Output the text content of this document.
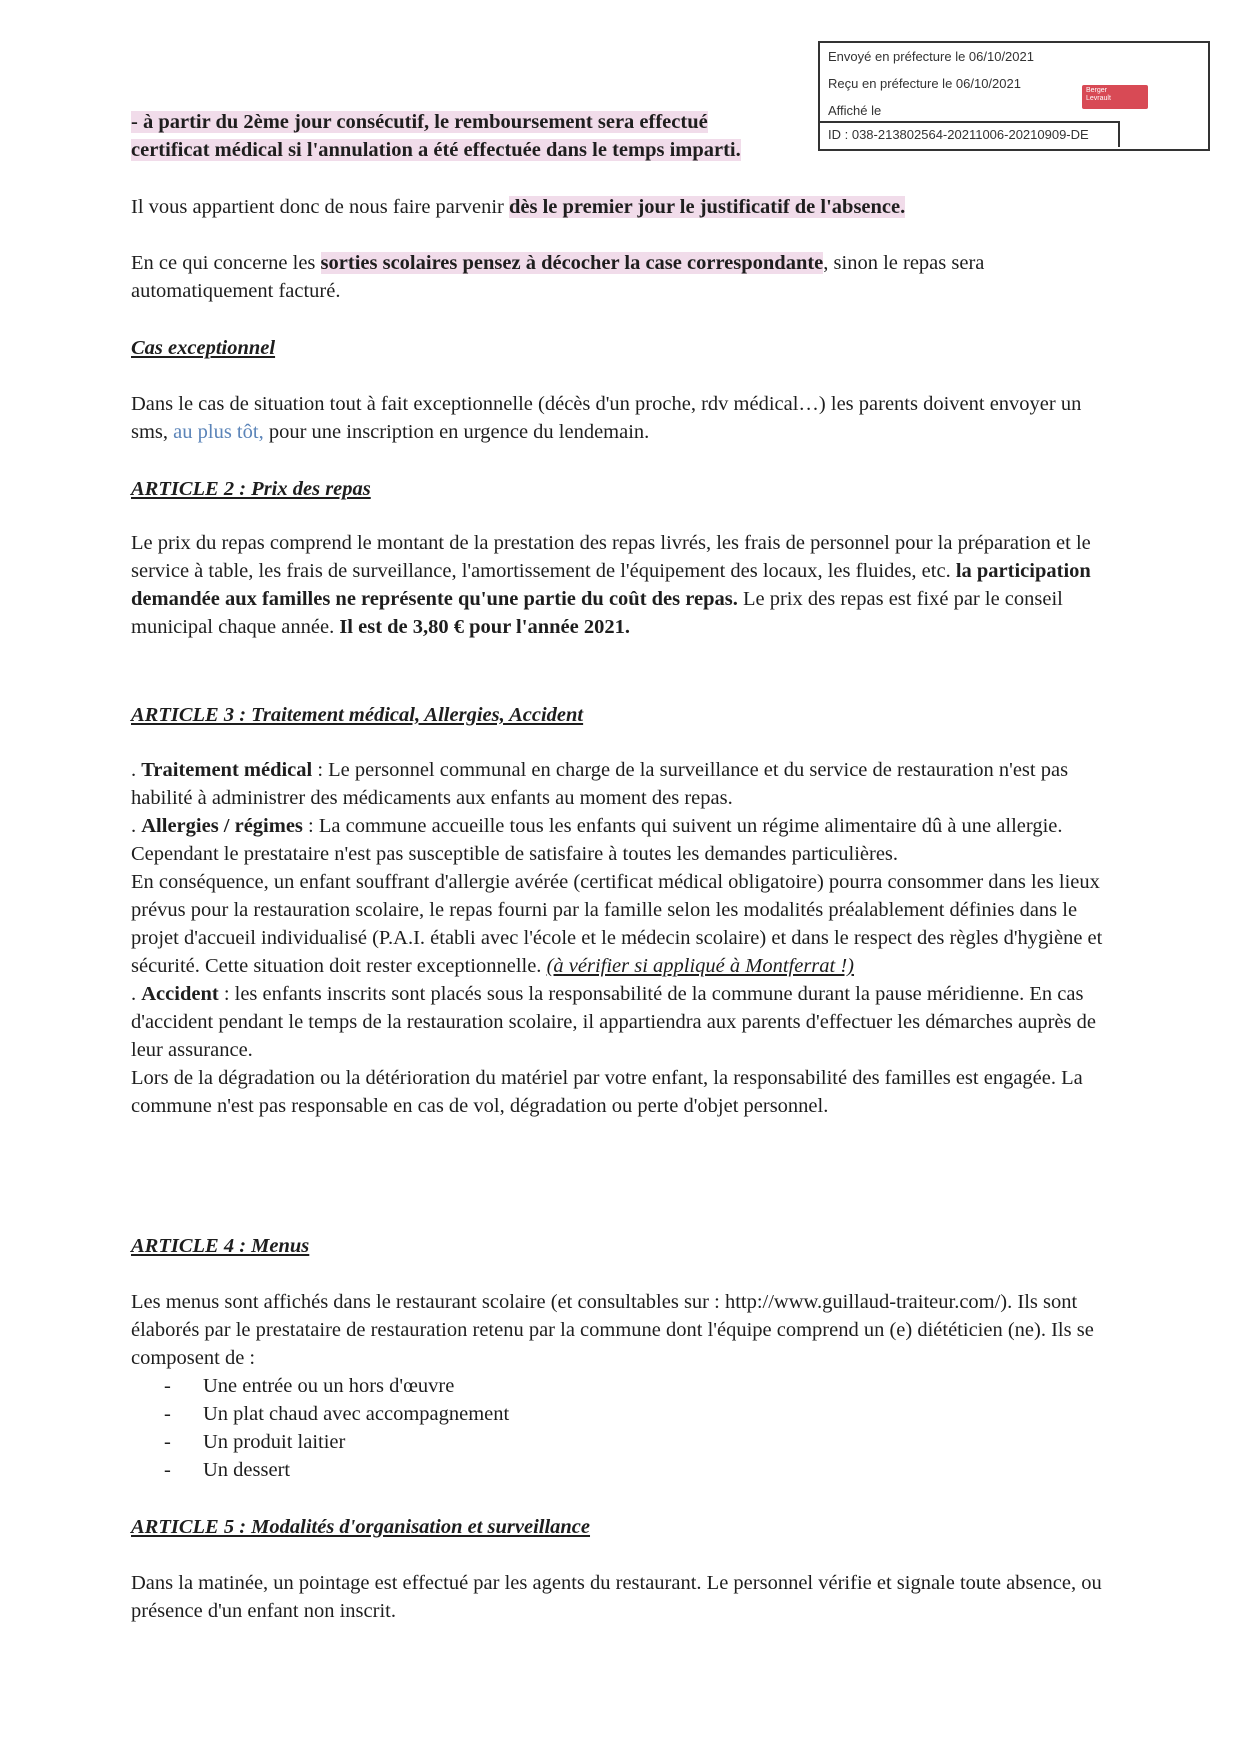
Envoyé en préfecture le 06/10/2021
Reçu en préfecture le 06/10/2021
Affiché le
Berger
Levrault
ID : 038-213802564-20211006-20210909-DE
- à partir du 2ème jour consécutif, le remboursement sera effectué
certificat médical si l'annulation a été effectuée dans le temps imparti.
Il vous appartient donc de nous faire parvenir dès le premier jour le justificatif de l'absence.
En ce qui concerne les sorties scolaires pensez à décocher la case correspondante, sinon le repas sera automatiquement facturé.
Cas exceptionnel
Dans le cas de situation tout à fait exceptionnelle (décès d'un proche, rdv médical…) les parents doivent envoyer un sms, au plus tôt, pour une inscription en urgence du lendemain.
ARTICLE 2 : Prix des repas
Le prix du repas comprend le montant de la prestation des repas livrés, les frais de personnel pour la préparation et le service à table, les frais de surveillance, l'amortissement de l'équipement des locaux, les fluides, etc. la participation demandée aux familles ne représente qu'une partie du coût des repas. Le prix des repas est fixé par le conseil municipal chaque année. Il est de 3,80 € pour l'année 2021.
ARTICLE 3 : Traitement médical, Allergies, Accident
. Traitement médical : Le personnel communal en charge de la surveillance et du service de restauration n'est pas habilité à administrer des médicaments aux enfants au moment des repas.
. Allergies / régimes : La commune accueille tous les enfants qui suivent un régime alimentaire dû à une allergie. Cependant le prestataire n'est pas susceptible de satisfaire à toutes les demandes particulières.
En conséquence, un enfant souffrant d'allergie avérée (certificat médical obligatoire) pourra consommer dans les lieux prévus pour la restauration scolaire, le repas fourni par la famille selon les modalités préalablement définies dans le projet d'accueil individualisé (P.A.I. établi avec l'école et le médecin scolaire) et dans le respect des règles d'hygiène et sécurité. Cette situation doit rester exceptionnelle. (à vérifier si appliqué à Montferrat !)
. Accident : les enfants inscrits sont placés sous la responsabilité de la commune durant la pause méridienne. En cas d'accident pendant le temps de la restauration scolaire, il appartiendra aux parents d'effectuer les démarches auprès de leur assurance.
Lors de la dégradation ou la détérioration du matériel par votre enfant, la responsabilité des familles est engagée. La commune n'est pas responsable en cas de vol, dégradation ou perte d'objet personnel.
ARTICLE 4 : Menus
Les menus sont affichés dans le restaurant scolaire (et consultables sur : http://www.guillaud-traiteur.com/). Ils sont élaborés par le prestataire de restauration retenu par la commune dont l'équipe comprend un (e) diététicien (ne). Ils se composent de :
- Une entrée ou un hors d'œuvre
- Un plat chaud avec accompagnement
- Un produit laitier
- Un dessert
ARTICLE 5 : Modalités d'organisation et surveillance
Dans la matinée, un pointage est effectué par les agents du restaurant. Le personnel vérifie et signale toute absence, ou présence d'un enfant non inscrit.
